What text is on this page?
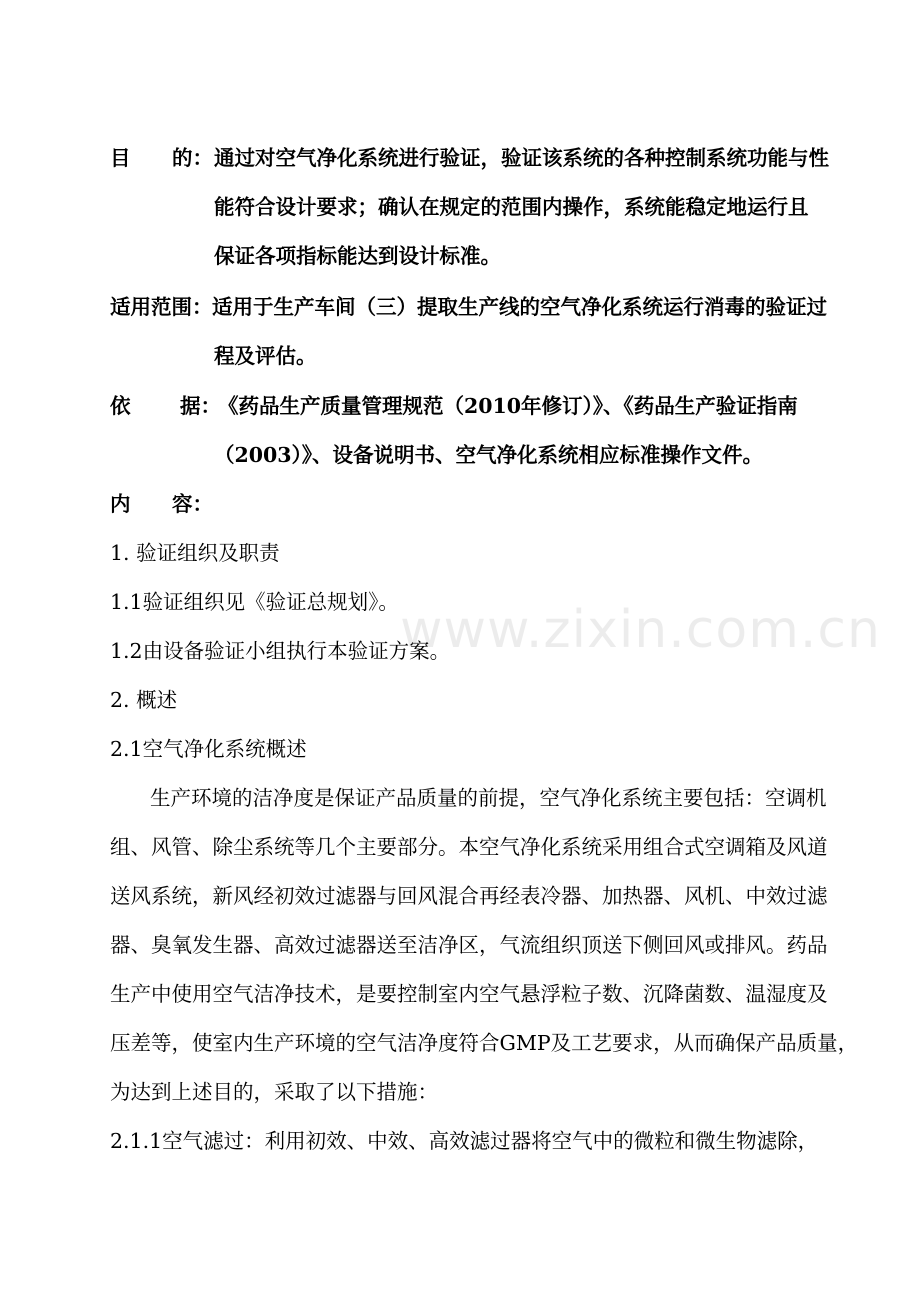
www.zixin.com.cn
目 的： 通过对空气净化系统进行验证，验证该系统的各种控制系统功能与性
能符合设计要求；确认在规定的范围内操作，系统能稳定地运行且
保证各项指标能达到设计标准。
适用范围： 适用于生产车间（三）提取生产线的空气净化系统运行消毒的验证过
程及评估。
依 据：
《药品生产质量管理规范（2010年修订）》、《药品生产验证指南
（2003）》、设备说明书、空气净化系统相应标准操作文件。
内 容：
1. 验证组织及职责
1.1验证组织见《验证总规划》。
1.2由设备验证小组执行本验证方案。
2. 概述
2.1空气净化系统概述
生产环境的洁净度是保证产品质量的前提，空气净化系统主要包括：空调机
组、风管、除尘系统等几个主要部分。本空气净化系统采用组合式空调箱及风道
送风系统，新风经初效过滤器与回风混合再经表冷器、加热器、风机、中效过滤
器、臭氧发生器、高效过滤器送至洁净区，气流组织顶送下侧回风或排风。药品
生产中使用空气洁净技术，是要控制室内空气悬浮粒子数、沉降菌数、温湿度及
压差等，使室内生产环境的空气洁净度符合GMP及工艺要求，从而确保产品质量，
为达到上述目的，采取了以下措施：
2.1.1空气滤过：利用初效、中效、高效滤过器将空气中的微粒和微生物滤除，
